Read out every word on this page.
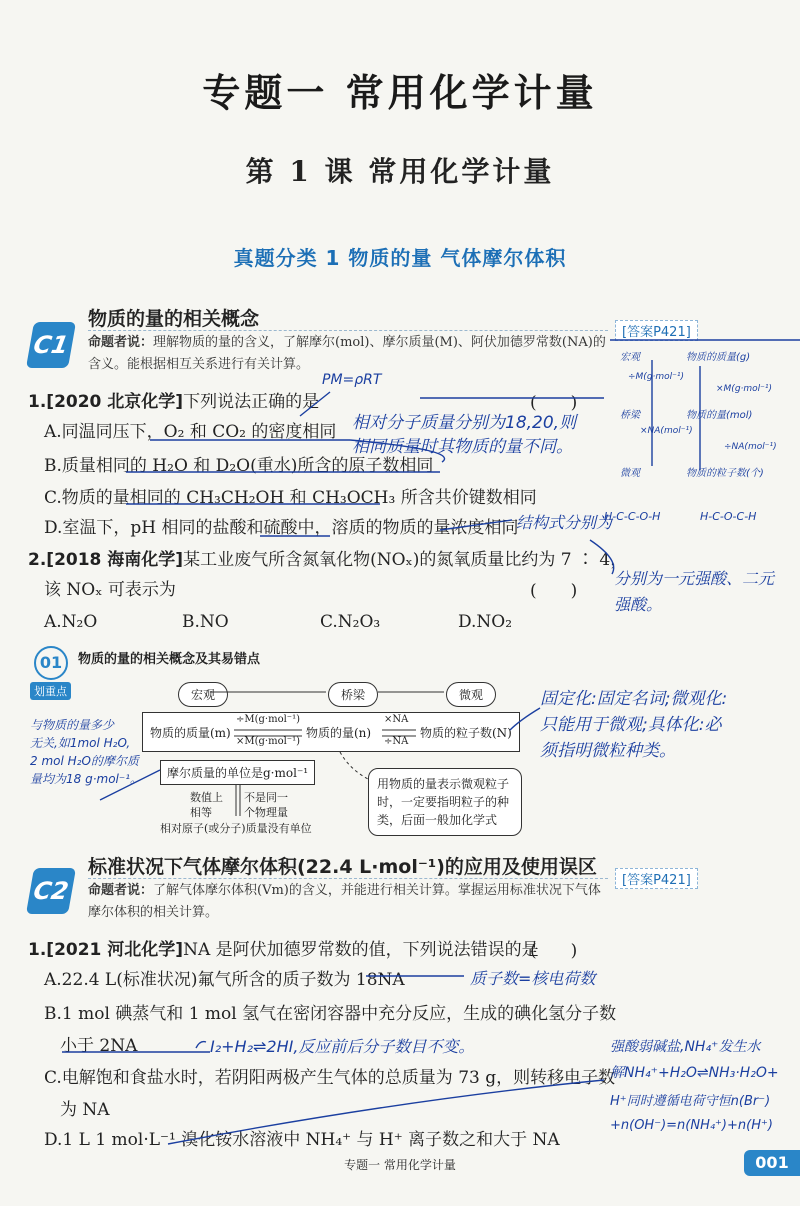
专题一 常用化学计量
第 1 课 常用化学计量
真题分类 1 物质的量 气体摩尔体积
C1
物质的量的相关概念
[答案P421]
命题者说：理解物质的量的含义，了解摩尔(mol)、摩尔质量(M)、阿伏加德罗常数(NA)的含义。能根据相互关系进行有关计算。
1.[2020 北京化学]下列说法正确的是	(　　)
A.同温同压下，O₂ 和 CO₂ 的密度相同
B.质量相同的 H₂O 和 D₂O(重水)所含的原子数相同
C.物质的量相同的 CH₃CH₂OH 和 CH₃OCH₃ 所含共价键数相同
D.室温下，pH 相同的盐酸和硫酸中，溶质的物质的量浓度相同
2.[2018 海南化学]某工业废气所含氮氧化物(NOₓ)的氮氧质量比约为 7 ∶ 4，
该 NOₓ 可表示为	(　　)
A.N₂O	B.NO	C.N₂O₃	D.NO₂
01
划重点
物质的量的相关概念及其易错点
宏观	桥梁	微观
物质的质量(m)
÷M(g·mol⁻¹)
×M(g·mol⁻¹)
物质的量(n)
×NA
÷NA
物质的粒子数(N)
摩尔质量的单位是g·mol⁻¹
数值上相等
不是同一个物理量
相对原子(或分子)质量没有单位
用物质的量表示微观粒子时，一定要指明粒子的种类，后面一般加化学式
C2
标准状况下气体摩尔体积(22.4 L·mol⁻¹)的应用及使用误区
[答案P421]
命题者说：了解气体摩尔体积(Vm)的含义，并能进行相关计算。掌握运用标准状况下气体摩尔体积的相关计算。
1.[2021 河北化学]NA 是阿伏加德罗常数的值，下列说法错误的是
(　　)
A.22.4 L(标准状况)氟气所含的质子数为 18NA
B.1 mol 碘蒸气和 1 mol 氢气在密闭容器中充分反应，生成的碘化氢分子数
小于 2NA
C.电解饱和食盐水时，若阴阳两极产生气体的总质量为 73 g，则转移电子数
为 NA
D.1 L 1 mol·L⁻¹ 溴化铵水溶液中 NH₄⁺ 与 H⁺ 离子数之和大于 NA
PM=ρRT
相对分子质量分别为18,20,则
相同质量时其物质的量不同。
结构式分别为
H-C-C-O-H	H-C-O-C-H
分别为一元强酸、二元
强酸。
宏观	物质的质量(g)
÷M(g·mol⁻¹)
×M(g·mol⁻¹)
桥梁	物质的量(mol)
×NA(mol⁻¹)
÷NA(mol⁻¹)
微观	物质的粒子数(个)
固定化:固定名词;微观化:
只能用于微观;具体化:必
须指明微粒种类。
与物质的量多少
无关,如1mol H₂O,
2 mol H₂O的摩尔质
量均为18 g·mol⁻¹。
质子数=核电荷数
I₂+H₂⇌2HI,反应前后分子数目不变。	强酸弱碱盐,NH₄⁺发生水
解NH₄⁺+H₂O⇌NH₃·H₂O+
H⁺同时遵循电荷守恒n(Br⁻)
+n(OH⁻)=n(NH₄⁺)+n(H⁺)
专题一 常用化学计量	001
